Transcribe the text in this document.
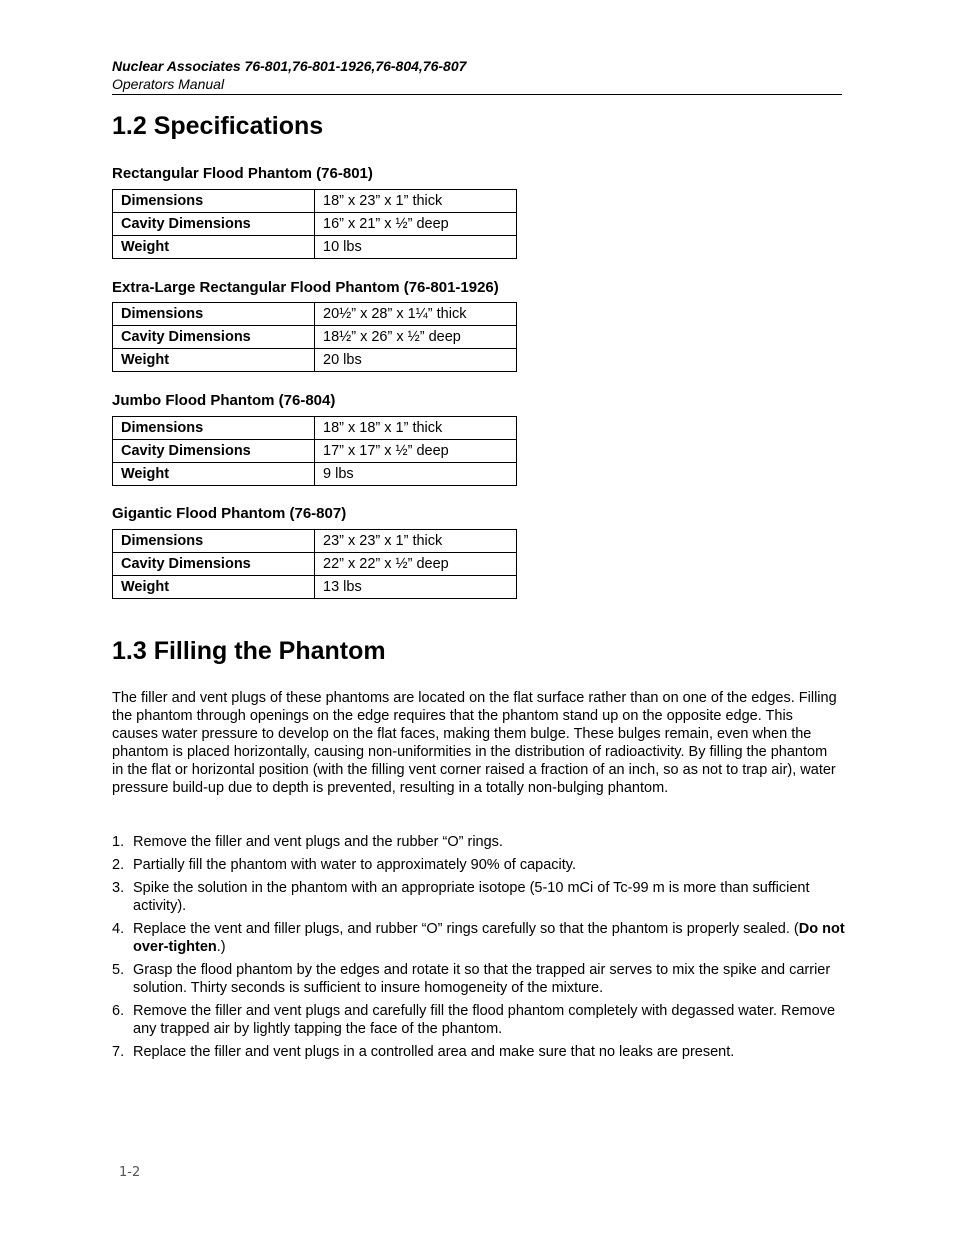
Nuclear Associates 76-801,76-801-1926,76-804,76-807
Operators Manual
1.2 Specifications
Rectangular Flood Phantom (76-801)
Dimensions	18” x 23” x 1” thick
Cavity Dimensions	16” x 21” x ½” deep
Weight	10 lbs
Extra-Large Rectangular Flood Phantom (76-801-1926)
Dimensions	20½” x 28” x 1¼” thick
Cavity Dimensions	18½” x 26” x ½” deep
Weight	20 lbs
Jumbo Flood Phantom (76-804)
Dimensions	18” x 18” x 1” thick
Cavity Dimensions	17” x 17” x ½” deep
Weight	9 lbs
Gigantic Flood Phantom (76-807)
Dimensions	23” x 23” x 1” thick
Cavity Dimensions	22” x 22” x ½” deep
Weight	13 lbs
1.3 Filling the Phantom

The filler and vent plugs of these phantoms are located on the flat surface rather than on one of the edges. Filling the phantom through openings on the edge requires that the phantom stand up on the opposite edge. This causes water pressure to develop on the flat faces, making them bulge. These bulges remain, even when the phantom is placed horizontally, causing non-uniformities in the distribution of radioactivity. By filling the phantom in the flat or horizontal position (with the filling vent corner raised a fraction of an inch, so as not to trap air), water pressure build-up due to depth is prevented, resulting in a totally non-bulging phantom.

1. Remove the filler and vent plugs and the rubber “O” rings.
2. Partially fill the phantom with water to approximately 90% of capacity.
3. Spike the solution in the phantom with an appropriate isotope (5-10 mCi of Tc-99 m is more than sufficient activity).
4. Replace the vent and filler plugs, and rubber “O” rings carefully so that the phantom is properly sealed. (Do not over-tighten.)
5. Grasp the flood phantom by the edges and rotate it so that the trapped air serves to mix the spike and carrier solution. Thirty seconds is sufficient to insure homogeneity of the mixture.
6. Remove the filler and vent plugs and carefully fill the flood phantom completely with degassed water. Remove any trapped air by lightly tapping the face of the phantom.
7. Replace the filler and vent plugs in a controlled area and make sure that no leaks are present.
1-2
